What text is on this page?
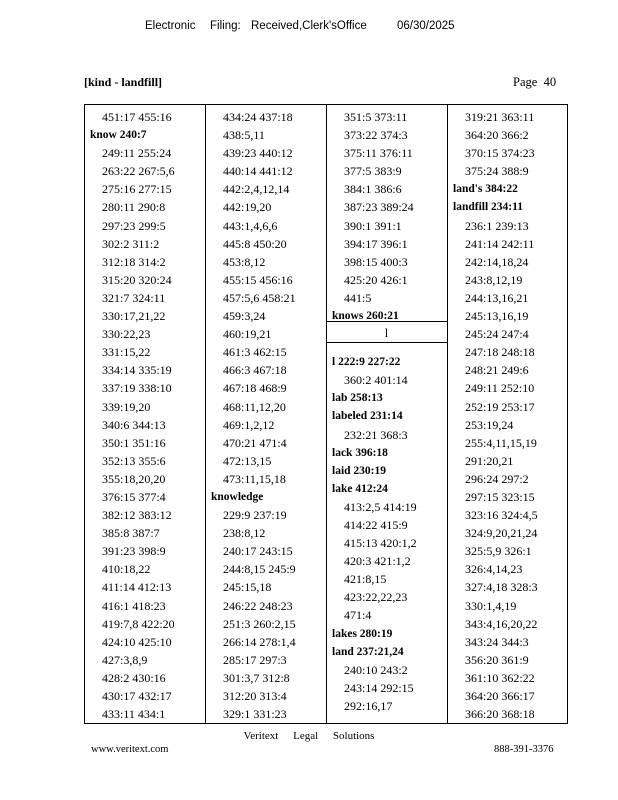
Electronic Filing: Received,Clerk'sOffice	06/30/2025
[kind - landfill]	Page 40
451:17 455:16
know 240:7
249:11 255:24
263:22 267:5,6
275:16 277:15
280:11 290:8
297:23 299:5
302:2 311:2
312:18 314:2
315:20 320:24
321:7 324:11
330:17,21,22
330:22,23
331:15,22
334:14 335:19
337:19 338:10
339:19,20
340:6 344:13
350:1 351:16
352:13 355:6
355:18,20,20
376:15 377:4
382:12 383:12
385:8 387:7
391:23 398:9
410:18,22
411:14 412:13
416:1 418:23
419:7,8 422:20
424:10 425:10
427:3,8,9
428:2 430:16
430:17 432:17
433:11 434:1
434:24 437:18
438:5,11
439:23 440:12
440:14 441:12
442:2,4,12,14
442:19,20
443:1,4,6,6
445:8 450:20
453:8,12
455:15 456:16
457:5,6 458:21
459:3,24
460:19,21
461:3 462:15
466:3 467:18
467:18 468:9
468:11,12,20
469:1,2,12
470:21 471:4
472:13,15
473:11,15,18
knowledge
229:9 237:19
238:8,12
240:17 243:15
244:8,15 245:9
245:15,18
246:22 248:23
251:3 260:2,15
266:14 278:1,4
285:17 297:3
301:3,7 312:8
312:20 313:4
329:1 331:23
351:5 373:11
373:22 374:3
375:11 376:11
377:5 383:9
384:1 386:6
387:23 389:24
390:1 391:1
394:17 396:1
398:15 400:3
425:20 426:1
441:5
knows 260:21
l 222:9 227:22
360:2 401:14
lab 258:13
labeled 231:14
232:21 368:3
lack 396:18
laid 230:19
lake 412:24
413:2,5 414:19
414:22 415:9
415:13 420:1,2
420:3 421:1,2
421:8,15
423:22,22,23
471:4
lakes 280:19
land 237:21,24
240:10 243:2
243:14 292:15
292:16,17
319:21 363:11
364:20 366:2
370:15 374:23
375:24 388:9
land's 384:22
landfill 234:11
236:1 239:13
241:14 242:11
242:14,18,24
243:8,12,19
244:13,16,21
245:13,16,19
245:24 247:4
247:18 248:18
248:21 249:6
249:11 252:10
252:19 253:17
253:19,24
255:4,11,15,19
291:20,21
296:24 297:2
297:15 323:15
323:16 324:4,5
324:9,20,21,24
325:5,9 326:1
326:4,14,23
327:4,18 328:3
330:1,4,19
343:4,16,20,22
343:24 344:3
356:20 361:9
361:10 362:22
364:20 366:17
366:20 368:18
l
Veritext Legal Solutions
www.veritext.com	888-391-3376
